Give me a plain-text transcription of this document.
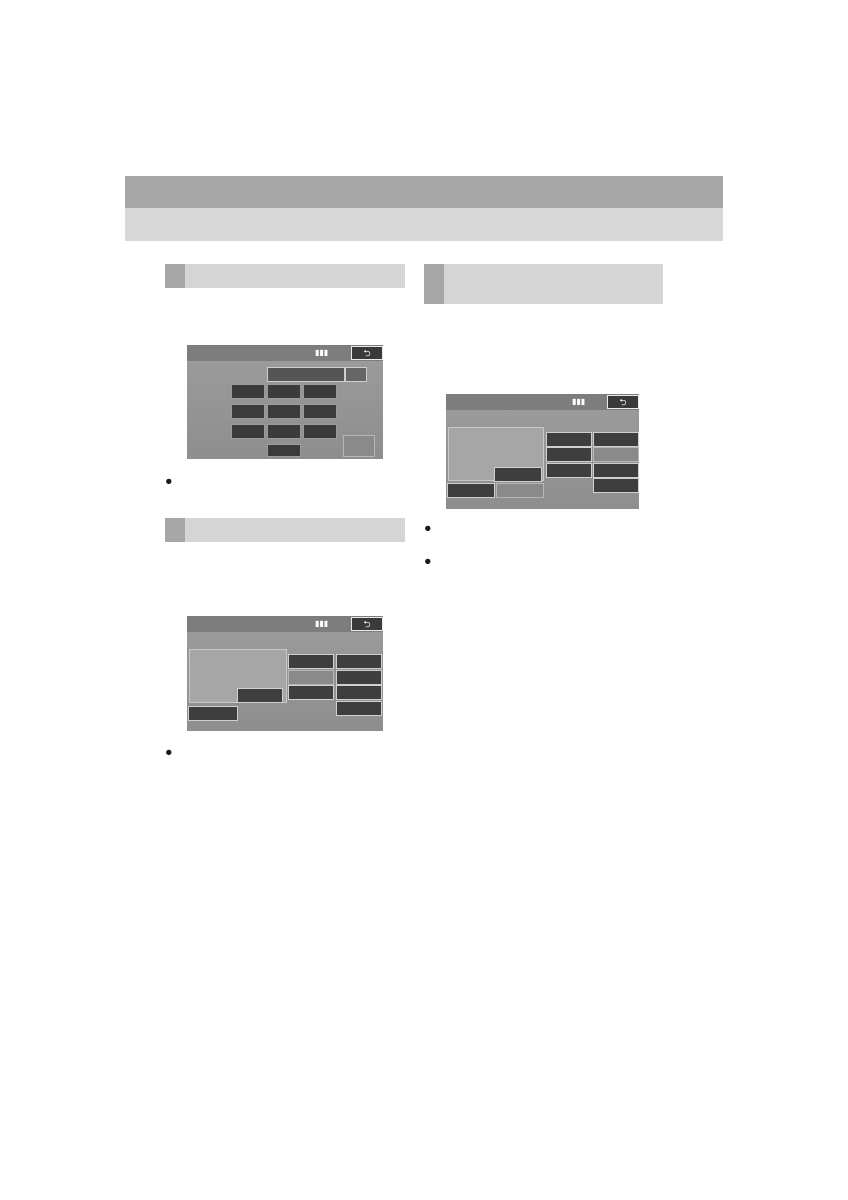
▮▮▮	⮌
●
▮▮▮	⮌
●

▮▮▮	⮌
●
●
